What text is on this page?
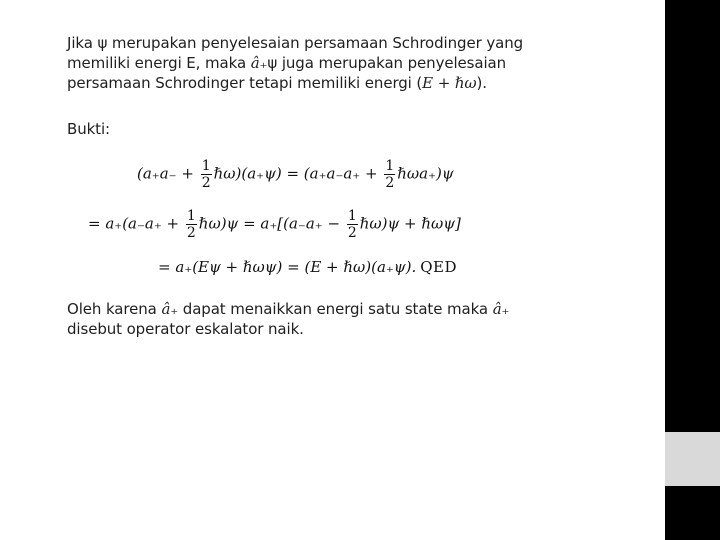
Jika ψ merupakan penyelesaian persamaan Schrodinger yang memiliki energi E, maka â₊ψ juga merupakan penyelesaian persamaan Schrodinger tetapi memiliki energi (E + ℏω).
Bukti:
($a_+a_- + \frac{1}{2}$ ℏω)(a₊ψ) = ($a_+a_-a_+ + \frac{1}{2}$ ℏωa₊)ψ
= $a_+(a_-a_+ + \frac{1}{2}$ ℏω)ψ = $a_+[(a_-a_+ - \frac{1}{2}$ ℏω)ψ + ℏωψ]
= a₊(Eψ + ℏωψ) = (E + ℏω)(a₊ψ). QED
Oleh karena â₊ dapat menaikkan energi satu state maka â₊ disebut operator eskalator naik.
